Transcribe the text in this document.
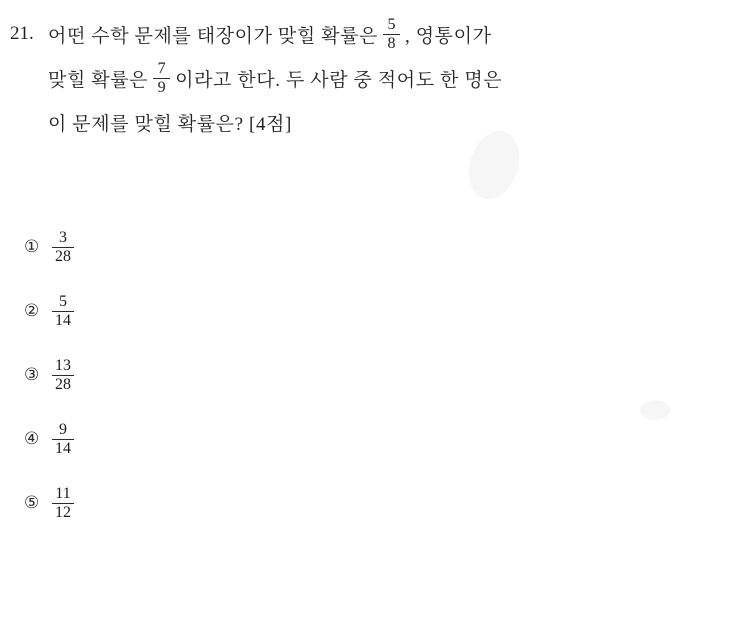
21. 어떤 수학 문제를 태장이가 맞힐 확률은 $\frac{5}{8}$ , 영통이가
맞힐 확률은 $\frac{7}{9}$ 이라고 한다. 두 사람 중 적어도 한 명은
이 문제를 맞힐 확률은? [4점]
① $\frac{3}{28}$
② $\frac{5}{14}$
③ $\frac{13}{28}$
④ $\frac{9}{14}$
⑤ $\frac{11}{12}$
